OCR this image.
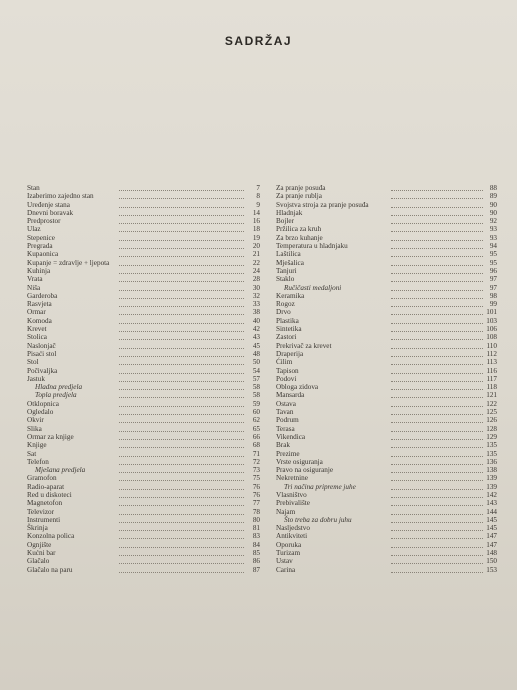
SADRŽAJ
Stan	7
Izaberimo zajedno stan	8
Uređenje stana	9
Dnevni boravak	14
Predprostor	16
Ulaz	18
Stepenice	19
Pregrada	20
Kupaonica	21
Kupanje = zdravlje + ljepota	22
Kuhinja	24
Vrata	28
Niša	30
Garderoba	32
Rasvjeta	33
Ormar	38
Komoda	40
Krevet	42
Stolica	43
Naslonjač	45
Pisaći stol	48
Stol	50
Počivaljka	54
Jastuk	57
Hladna predjela	58
Topla predjela	58
Otklopnica	59
Ogledalo	60
Okvir	62
Slika	65
Ormar za knjige	66
Knjige	68
Sat	71
Telefon	72
Mješana predjela	73
Gramofon	75
Radio-aparat	76
Red u diskoteci	76
Magnetofon	77
Televizor	78
Instrumenti	80
Škrinja	81
Konzolna polica	83
Ognjište	84
Kućni bar	85
Glačalo	86
Glačalo na paru	87
Za pranje posuđa	88
Za pranje rublja	89
Svojstva stroja za pranje posuđa	90
Hladnjak	90
Bojler	92
Pržilica za kruh	93
Za brzo kuhanje	93
Temperatura u hladnjaku	94
Laštilica	95
Mješalica	95
Tanjuri	96
Staklo	97
Ručičasti medaljoni	97
Keramika	98
Rogoz	99
Drvo	101
Plastika	103
Sintetika	106
Zastori	108
Prekrivač za krevet	110
Draperija	112
Ćilim	113
Tapison	116
Podovi	117
Obloga zidova	118
Mansarda	121
Ostava	122
Tavan	125
Podrum	126
Terasa	128
Vikendica	129
Brak	135
Prezime	135
Vrste osiguranja	136
Pravo na osiguranje	138
Nekretnine	139
Tri načina pripreme juhe	139
Vlasništvo	142
Prebivalište	143
Najam	144
Što treba za dobru juhu	145
Nasljedstvo	145
Antikviteti	147
Oporuka	147
Turizam	148
Ustav	150
Carina	153
